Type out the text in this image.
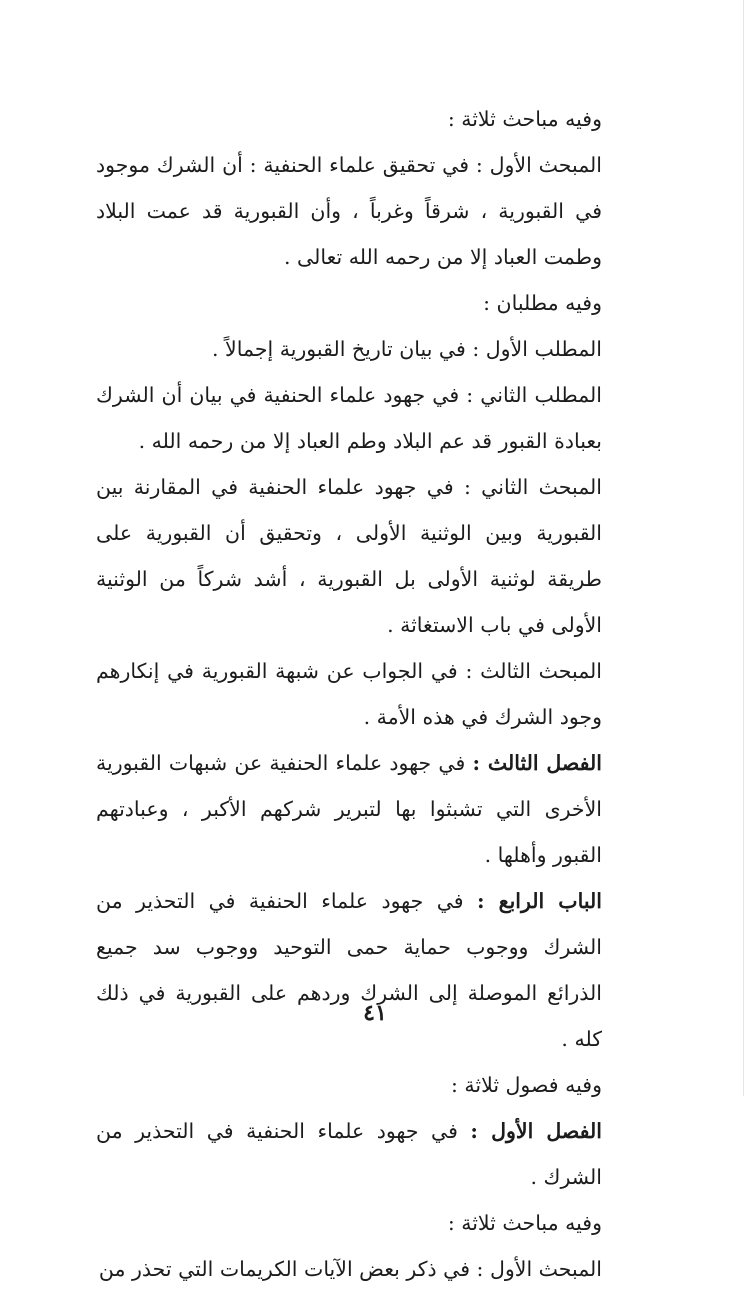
وفيه مباحث ثلاثة :

المبحث الأول : في تحقيق علماء الحنفية : أن الشرك موجود في القبورية ، شرقاً وغرباً ، وأن القبورية قد عمت البلاد وطمت العباد إلا من رحمه الله تعالى .

وفيه مطلبان :

المطلب الأول : في بيان تاريخ القبورية إجمالاً .

المطلب الثاني : في جهود علماء الحنفية في بيان أن الشرك بعبادة القبور قد عم البلاد وطم العباد إلا من رحمه الله .

المبحث الثاني : في جهود علماء الحنفية في المقارنة بين القبورية وبين الوثنية الأولى ، وتحقيق أن القبورية على طريقة لوثنية الأولى بل القبورية ، أشد شركاً من الوثنية الأولى في باب الاستغاثة .

المبحث الثالث : في الجواب عن شبهة القبورية في إنكارهم وجود الشرك في هذه الأمة .

الفصل الثالث : في جهود علماء الحنفية عن شبهات القبورية الأخرى التي تشبثوا بها لتبرير شركهم الأكبر ، وعبادتهم القبور وأهلها .

الباب الرابع : في جهود علماء الحنفية في التحذير من الشرك ووجوب حماية حمى التوحيد ووجوب سد جميع الذرائع الموصلة إلى الشرك وردهم على القبورية في ذلك كله .

وفيه فصول ثلاثة :

الفصل الأول : في جهود علماء الحنفية في التحذير من الشرك .

وفيه مباحث ثلاثة :

المبحث الأول : في ذكر بعض الآيات الكريمات التي تحذر من

٤١
